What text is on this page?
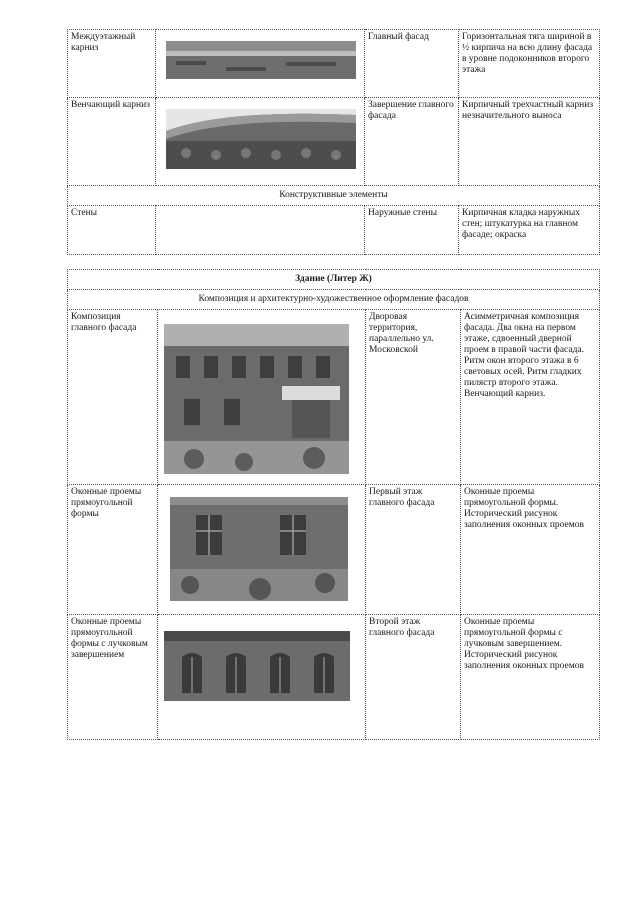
Междуэтажный карниз		Главный фасад	Горизонтальная тяга шириной в ½ кирпича на всю длину фасада в уровне подоконников второго этажа
Венчающий карниз		Завершение главного фасада	Кирпичный трехчастный карниз незначительного выноса
Конструктивные элементы			
Стены		Наружные стены	Кирпичная кладка наружных стен; штукатурка на главном фасаде; окраска
Здание (Литер Ж)			
Композиция и архитектурно-художественное оформление фасадов			
Композиция главного фасада		Дворовая территория, параллельно ул. Московской	Асимметричная композиция фасада. Два окна на первом этаже, сдвоенный дверной проем в правой части фасада. Ритм окон второго этажа в 6 световых осей. Ритм гладких пилястр второго этажа. Венчающий карниз.
Оконные проемы прямоугольной формы		Первый этаж главного фасада	Оконные проемы прямоугольной формы. Исторический рисунок заполнения оконных проемов
Оконные проемы прямоугольной формы с лучковым завершением		Второй этаж главного фасада	Оконные проемы прямоугольной формы с лучковым завершением. Исторический рисунок заполнения оконных проемов
